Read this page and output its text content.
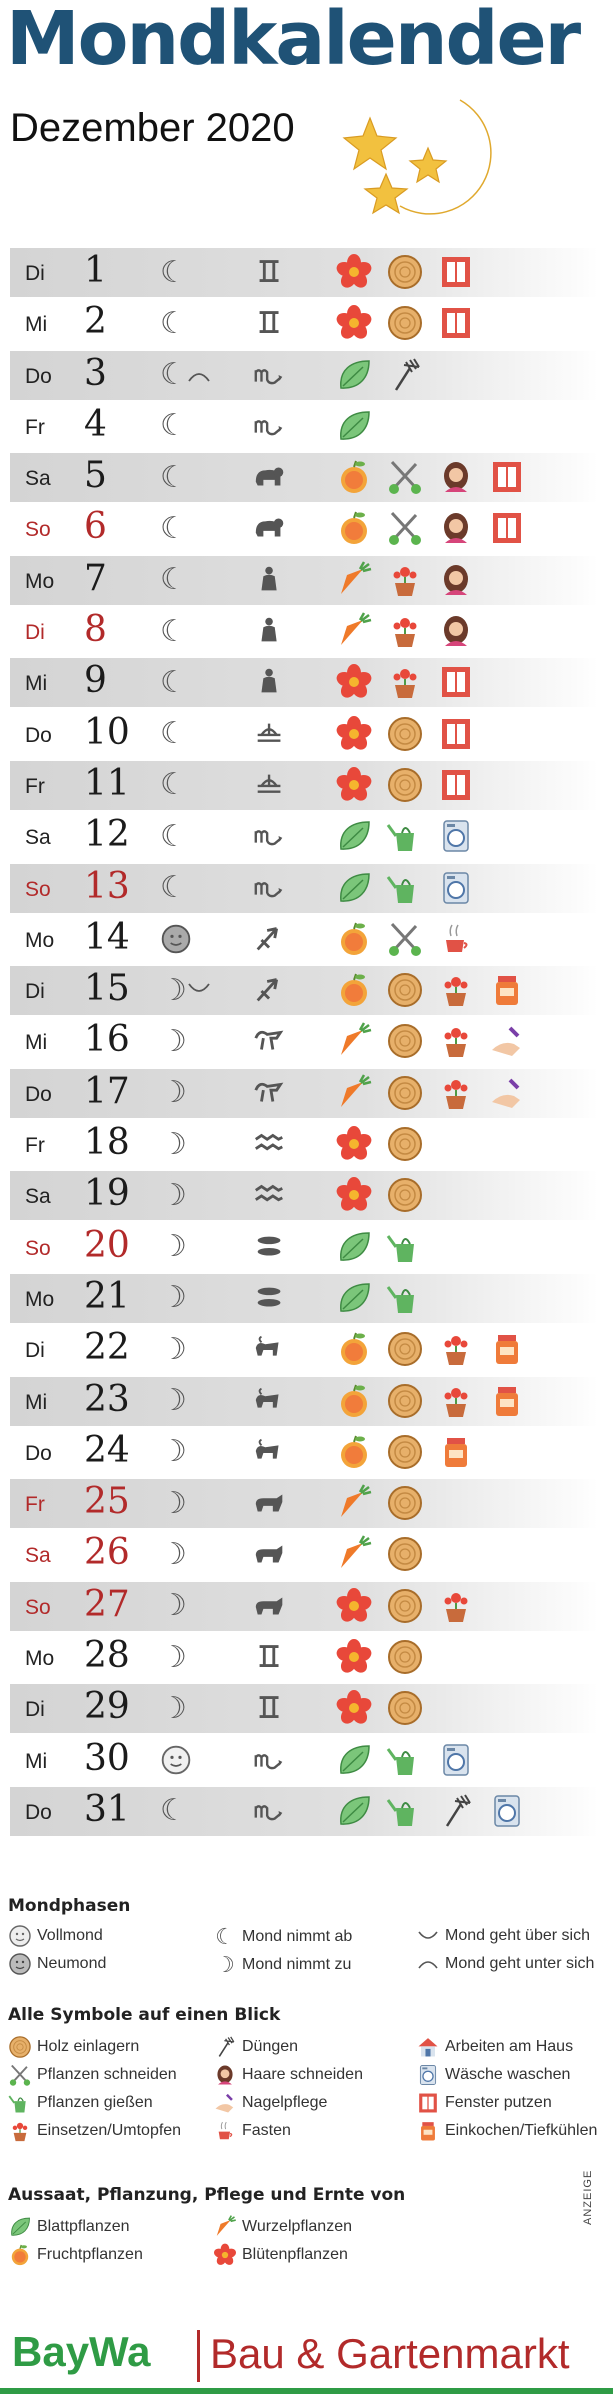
Mondkalender
Dezember 2020
Di 1 ☾
Mi 2 ☾
Do 3 ☾
Fr 4 ☾
Sa 5 ☾
So 6 ☾
Mo 7 ☾
Di 8 ☾
Mi 9 ☾
Do 10 ☾
Fr 11 ☾
Sa 12 ☾
So 13 ☾
Mo 14
Di 15 ☽
Mi 16 ☽
Do 17 ☽
Fr 18 ☽
Sa 19 ☽
So 20 ☽
Mo 21 ☽
Di 22 ☽
Mi 23 ☽
Do 24 ☽
Fr 25 ☽
Sa 26 ☽
So 27 ☽
Mo 28 ☽
Di 29 ☽
Mi 30
Do 31 ☾
Mondphasen
Vollmond
Neumond
☾ Mond nimmt ab
☽ Mond nimmt zu
Mond geht über sich
Mond geht unter sich
Alle Symbole auf einen Blick
Holz einlagern
Pflanzen schneiden
Pflanzen gießen
Einsetzen/Umtopfen
Düngen
Haare schneiden
Nagelpflege
Fasten
Arbeiten am Haus
Wäsche waschen
Fenster putzen
Einkochen/Tiefkühlen
Aussaat, Pflanzung, Pflege und Ernte von
Blattpflanzen
Fruchtpflanzen
Wurzelpflanzen
Blütenpflanzen
ANZEIGE
BayWa Bau & Gartenmarkt
